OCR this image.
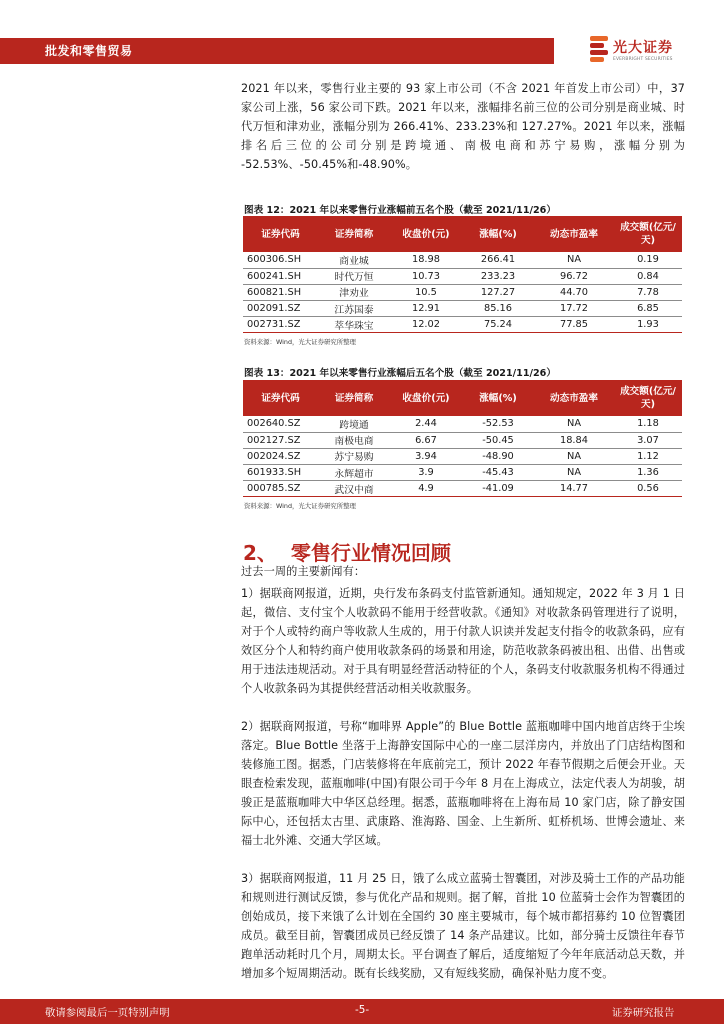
批发和零售贸易	光大证券
EVERBRIGHT SECURITIES

2021 年以来，零售行业主要的 93 家上市公司（不含 2021 年首发上市公司）中，37 家公司上涨，56 家公司下跌。2021 年以来，涨幅排名前三位的公司分别是商业城、时代万恒和津劝业，涨幅分别为 266.41%、233.23%和 127.27%。2021 年以来，涨幅排名后三位的公司分别是跨境通、南极电商和苏宁易购，涨幅分别为 -52.53%、-50.45%和-48.90%。

图表 12：2021 年以来零售行业涨幅前五名个股（截至 2021/11/26）
证券代码	证券简称	收盘价(元)	涨幅(%)	动态市盈率	成交额(亿元/天)
600306.SH	商业城	18.98	266.41	NA	0.19
600241.SH	时代万恒	10.73	233.23	96.72	0.84
600821.SH	津劝业	10.5	127.27	44.70	7.78
002091.SZ	江苏国泰	12.91	85.16	17.72	6.85
002731.SZ	萃华珠宝	12.02	75.24	77.85	1.93
资料来源：Wind，光大证券研究所整理
图表 13：2021 年以来零售行业涨幅后五名个股（截至 2021/11/26）
证券代码	证券简称	收盘价(元)	涨幅(%)	动态市盈率	成交额(亿元/天)
002640.SZ	跨境通	2.44	-52.53	NA	1.18
002127.SZ	南极电商	6.67	-50.45	18.84	3.07
002024.SZ	苏宁易购	3.94	-48.90	NA	1.12
601933.SH	永辉超市	3.9	-45.43	NA	1.36
000785.SZ	武汉中商	4.9	-41.09	14.77	0.56
资料来源：Wind，光大证券研究所整理
2、 零售行业情况回顾

过去一周的主要新闻有：

1）据联商网报道，近期，央行发布条码支付监管新通知。通知规定，2022 年 3 月 1 日起，微信、支付宝个人收款码不能用于经营收款。《通知》对收款条码管理进行了说明，对于个人或特约商户等收款人生成的，用于付款人识读并发起支付指令的收款条码，应有效区分个人和特约商户使用收款条码的场景和用途，防范收款条码被出租、出借、出售或用于违法违规活动。对于具有明显经营活动特征的个人，条码支付收款服务机构不得通过个人收款条码为其提供经营活动相关收款服务。

2）据联商网报道，号称“咖啡界 Apple”的 Blue Bottle 蓝瓶咖啡中国内地首店终于尘埃落定。Blue Bottle 坐落于上海静安国际中心的一座二层洋房内，并放出了门店结构图和装修施工图。据悉，门店装修将在年底前完工，预计 2022 年春节假期之后便会开业。天眼查检索发现，蓝瓶咖啡(中国)有限公司于今年 8 月在上海成立，法定代表人为胡骏，胡骏正是蓝瓶咖啡大中华区总经理。据悉，蓝瓶咖啡将在上海布局 10 家门店，除了静安国际中心，还包括太古里、武康路、淮海路、国金、上生新所、虹桥机场、世博会遗址、来福士北外滩、交通大学区域。

3）据联商网报道，11 月 25 日，饿了么成立蓝骑士智囊团，对涉及骑士工作的产品功能和规则进行测试反馈，参与优化产品和规则。据了解，首批 10 位蓝骑士会作为智囊团的创始成员，接下来饿了么计划在全国约 30 座主要城市，每个城市都招募约 10 位智囊团成员。截至目前，智囊团成员已经反馈了 14 条产品建议。比如，部分骑士反馈往年春节跑单活动耗时几个月，周期太长。平台调查了解后，适度缩短了今年年底活动总天数，并增加多个短周期活动。既有长线奖励，又有短线奖励，确保补贴力度不变。

敬请参阅最后一页特别声明	-5-	证券研究报告
